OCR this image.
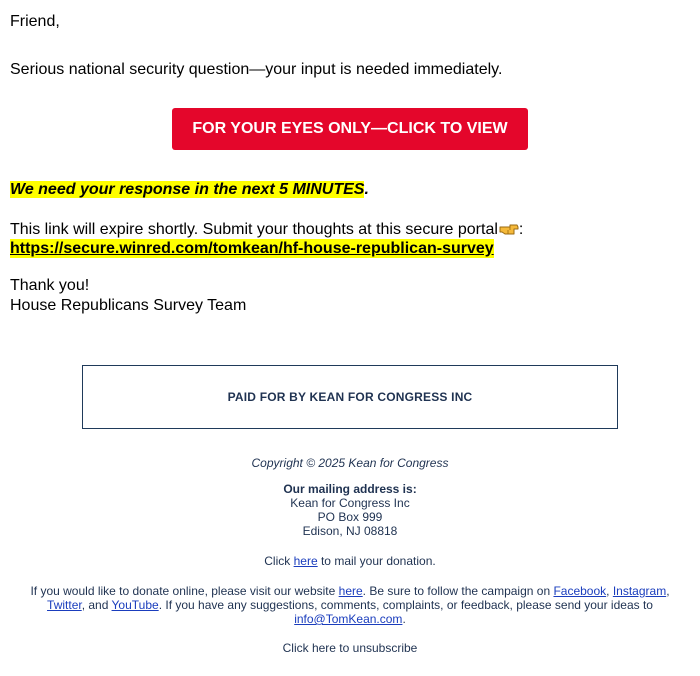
Friend,
Serious national security question—your input is needed immediately.
FOR YOUR EYES ONLY—CLICK TO VIEW
We need your response in the next 5 MINUTES.
This link will expire shortly. Submit your thoughts at this secure portal :
https://secure.winred.com/tomkean/hf-house-republican-survey
Thank you!
House Republicans Survey Team
PAID FOR BY KEAN FOR CONGRESS INC
Copyright © 2025 Kean for Congress
Our mailing address is:
Kean for Congress Inc
PO Box 999
Edison, NJ 08818
Click here to mail your donation.
If you would like to donate online, please visit our website here. Be sure to follow the campaign on Facebook, Instagram,
Twitter, and YouTube. If you have any suggestions, comments, complaints, or feedback, please send your ideas to
info@TomKean.com.
Click here to unsubscribe
